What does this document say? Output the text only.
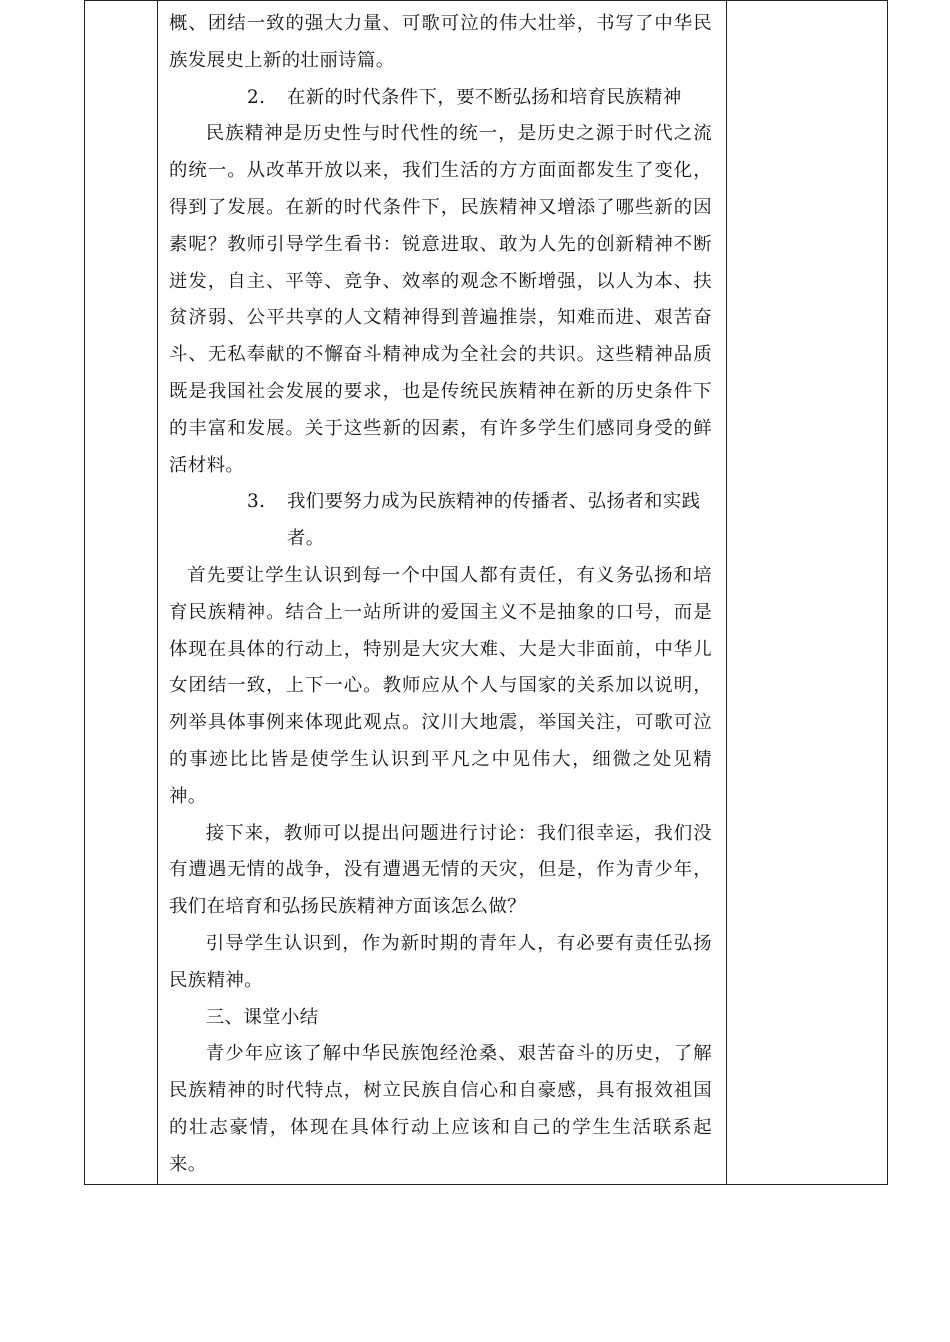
概、团结一致的强大力量、可歌可泣的伟大壮举，书写了中华民族发展史上新的壮丽诗篇。

2.	在新的时代条件下，要不断弘扬和培育民族精神

民族精神是历史性与时代性的统一，是历史之源于时代之流的统一。从改革开放以来，我们生活的方方面面都发生了变化，得到了发展。在新的时代条件下，民族精神又增添了哪些新的因素呢？教师引导学生看书：锐意进取、敢为人先的创新精神不断迸发，自主、平等、竞争、效率的观念不断增强，以人为本、扶贫济弱、公平共享的人文精神得到普遍推崇，知难而进、艰苦奋斗、无私奉献的不懈奋斗精神成为全社会的共识。这些精神品质既是我国社会发展的要求，也是传统民族精神在新的历史条件下的丰富和发展。关于这些新的因素，有许多学生们感同身受的鲜活材料。

3.	我们要努力成为民族精神的传播者、弘扬者和实践者。

首先要让学生认识到每一个中国人都有责任，有义务弘扬和培育民族精神。结合上一站所讲的爱国主义不是抽象的口号，而是体现在具体的行动上，特别是大灾大难、大是大非面前，中华儿女团结一致，上下一心。教师应从个人与国家的关系加以说明，列举具体事例来体现此观点。汶川大地震，举国关注，可歌可泣的事迹比比皆是使学生认识到平凡之中见伟大，细微之处见精神。

接下来，教师可以提出问题进行讨论：我们很幸运，我们没有遭遇无情的战争，没有遭遇无情的天灾，但是，作为青少年，我们在培育和弘扬民族精神方面该怎么做？

引导学生认识到，作为新时期的青年人，有必要有责任弘扬民族精神。

三、课堂小结

青少年应该了解中华民族饱经沧桑、艰苦奋斗的历史，了解民族精神的时代特点，树立民族自信心和自豪感，具有报效祖国的壮志豪情，体现在具体行动上应该和自己的学生生活联系起来。
